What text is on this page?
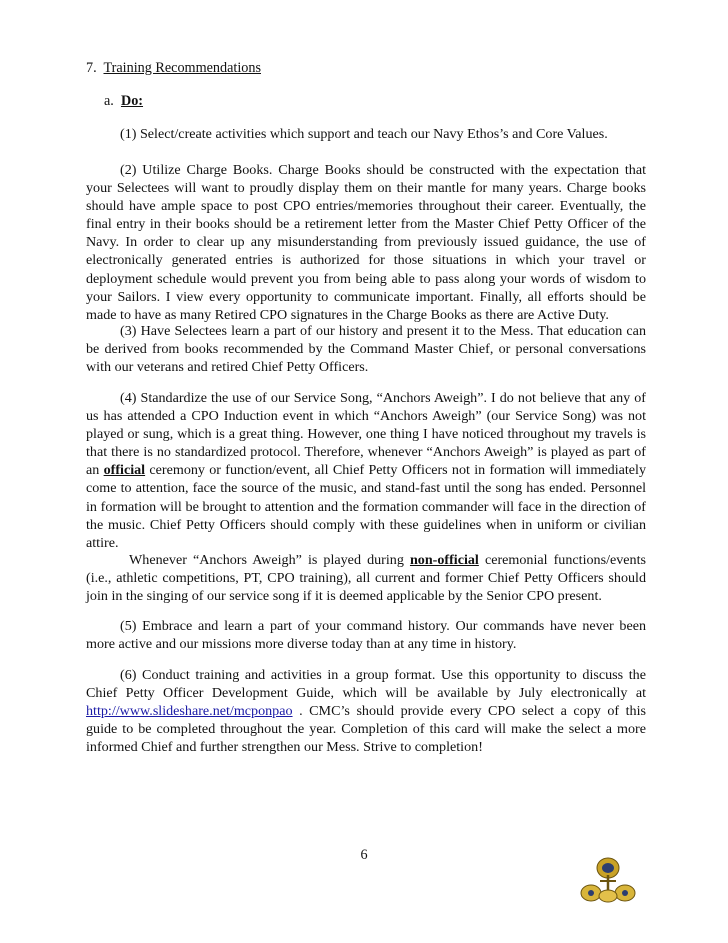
7. Training Recommendations
a. Do:

(1) Select/create activities which support and teach our Navy Ethos’s and Core Values.

(2) Utilize Charge Books. Charge Books should be constructed with the expectation that your Selectees will want to proudly display them on their mantle for many years. Charge books should have ample space to post CPO entries/memories throughout their career. Eventually, the final entry in their books should be a retirement letter from the Master Chief Petty Officer of the Navy. In order to clear up any misunderstanding from previously issued guidance, the use of electronically generated entries is authorized for those situations in which your travel or deployment schedule would prevent you from being able to pass along your words of wisdom to your Sailors. I view every opportunity to communicate important. Finally, all efforts should be made to have as many Retired CPO signatures in the Charge Books as there are Active Duty.

(3) Have Selectees learn a part of our history and present it to the Mess. That education can be derived from books recommended by the Command Master Chief, or personal conversations with our veterans and retired Chief Petty Officers.

(4) Standardize the use of our Service Song, “Anchors Aweigh”. I do not believe that any of us has attended a CPO Induction event in which “Anchors Aweigh” (our Service Song) was not played or sung, which is a great thing. However, one thing I have noticed throughout my travels is that there is no standardized protocol. Therefore, whenever “Anchors Aweigh” is played as part of an official ceremony or function/event, all Chief Petty Officers not in formation will immediately come to attention, face the source of the music, and stand-fast until the song has ended. Personnel in formation will be brought to attention and the formation commander will face in the direction of the music. Chief Petty Officers should comply with these guidelines when in uniform or civilian attire.

Whenever “Anchors Aweigh” is played during non-official ceremonial functions/events (i.e., athletic competitions, PT, CPO training), all current and former Chief Petty Officers should join in the singing of our service song if it is deemed applicable by the Senior CPO present.

(5) Embrace and learn a part of your command history. Our commands have never been more active and our missions more diverse today than at any time in history.

(6) Conduct training and activities in a group format. Use this opportunity to discuss the Chief Petty Officer Development Guide, which will be available by July electronically at http://www.slideshare.net/mcponpao . CMC’s should provide every CPO select a copy of this guide to be completed throughout the year. Completion of this card will make the select a more informed Chief and further strengthen our Mess. Strive to completion!

6
